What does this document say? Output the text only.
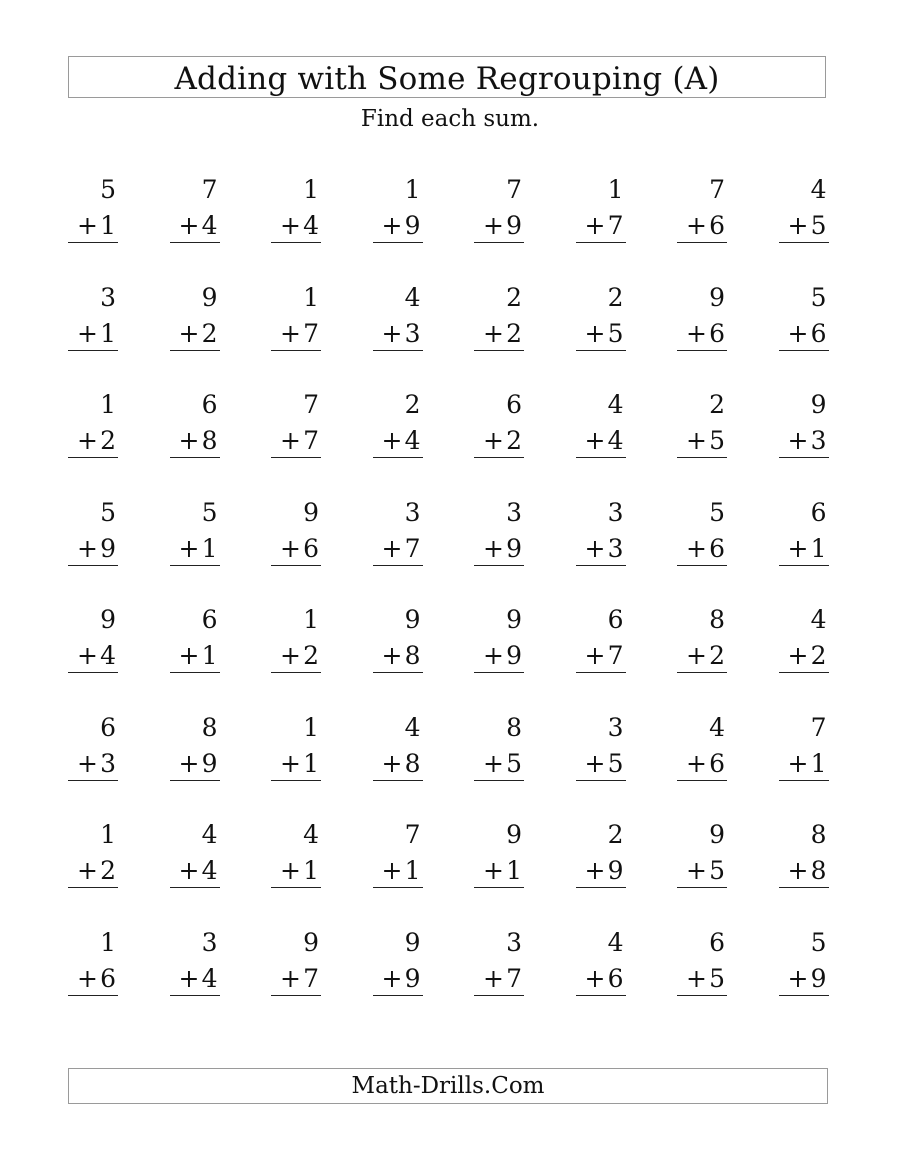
Adding with Some Regrouping (A)
Find each sum.
5
+ 1
7
+ 4
1
+ 4
1
+ 9
7
+ 9
1
+ 7
7
+ 6
4
+ 5
3
+ 1
9
+ 2
1
+ 7
4
+ 3
2
+ 2
2
+ 5
9
+ 6
5
+ 6
1
+ 2
6
+ 8
7
+ 7
2
+ 4
6
+ 2
4
+ 4
2
+ 5
9
+ 3
5
+ 9
5
+ 1
9
+ 6
3
+ 7
3
+ 9
3
+ 3
5
+ 6
6
+ 1
9
+ 4
6
+ 1
1
+ 2
9
+ 8
9
+ 9
6
+ 7
8
+ 2
4
+ 2
6
+ 3
8
+ 9
1
+ 1
4
+ 8
8
+ 5
3
+ 5
4
+ 6
7
+ 1
1
+ 2
4
+ 4
4
+ 1
7
+ 1
9
+ 1
2
+ 9
9
+ 5
8
+ 8
1
+ 6
3
+ 4
9
+ 7
9
+ 9
3
+ 7
4
+ 6
6
+ 5
5
+ 9
Math-Drills.Com
